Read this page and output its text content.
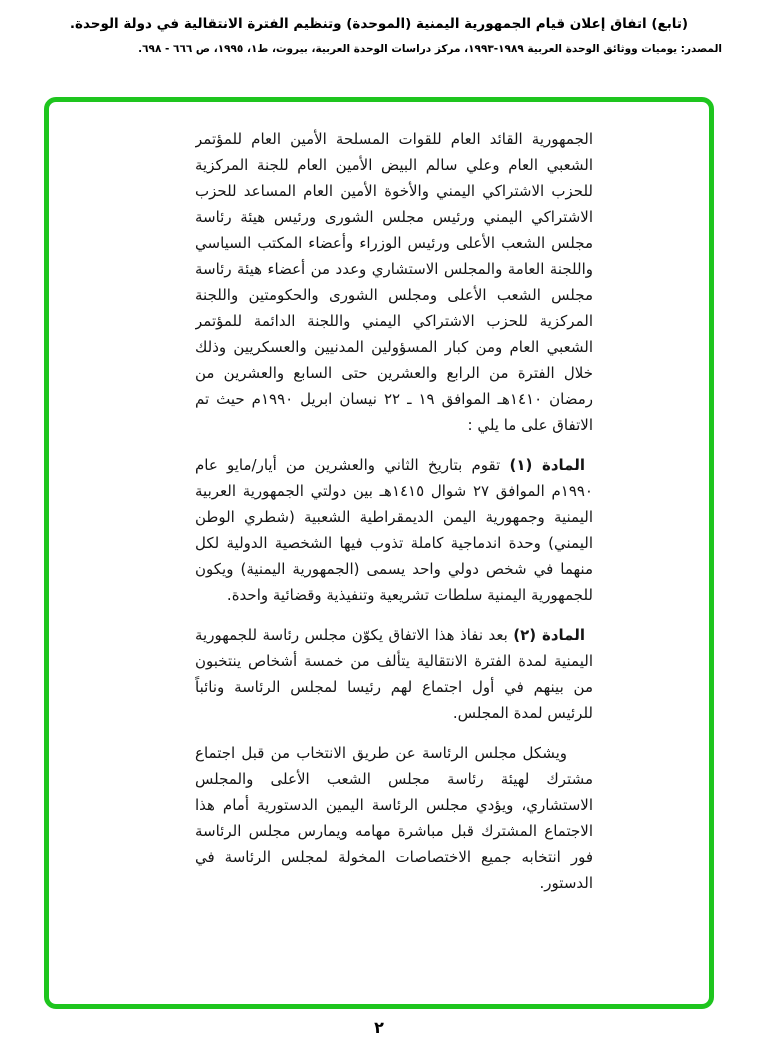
(تابع) اتفاق إعلان قيام الجمهورية اليمنية (الموحدة) وتنظيم الفترة الانتقالية في دولة الوحدة.
المصدر: يوميات ووثائق الوحدة العربية ١٩٨٩-١٩٩٣، مركز دراسات الوحدة العربية، بيروت، ط١، ١٩٩٥، ص ٦٦٦ - ٦٩٨.

الجمهورية القائد العام للقوات المسلحة الأمين العام للمؤتمر الشعبي العام وعلي سالم البيض الأمين العام للجنة المركزية للحزب الاشتراكي اليمني والأخوة الأمين العام المساعد للحزب الاشتراكي اليمني ورئيس مجلس الشورى ورئيس هيئة رئاسة مجلس الشعب الأعلى ورئيس الوزراء وأعضاء المكتب السياسي واللجنة العامة والمجلس الاستشاري وعدد من أعضاء هيئة رئاسة مجلس الشعب الأعلى ومجلس الشورى والحكومتين واللجنة المركزية للحزب الاشتراكي اليمني واللجنة الدائمة للمؤتمر الشعبي العام ومن كبار المسؤولين المدنيين والعسكريين وذلك خلال الفترة من الرابع والعشرين حتى السابع والعشرين من رمضان ١٤١٠هـ الموافق ١٩ ـ ٢٢ نيسان ابريل ١٩٩٠م حيث تم الاتفاق على ما يلي :

المادة (١) تقوم بتاريخ الثاني والعشرين من أيار/مايو عام ١٩٩٠م الموافق ٢٧ شوال ١٤١٥هـ بين دولتي الجمهورية العربية اليمنية وجمهورية اليمن الديمقراطية الشعبية (شطري الوطن اليمني) وحدة اندماجية كاملة تذوب فيها الشخصية الدولية لكل منهما في شخص دولي واحد يسمى (الجمهورية اليمنية) ويكون للجمهورية اليمنية سلطات تشريعية وتنفيذية وقضائية واحدة.

المادة (٢) بعد نفاذ هذا الاتفاق يكوّن مجلس رئاسة للجمهورية اليمنية لمدة الفترة الانتقالية يتألف من خمسة أشخاص ينتخبون من بينهم في أول اجتماع لهم رئيسا لمجلس الرئاسة ونائباً للرئيس لمدة المجلس.

ويشكل مجلس الرئاسة عن طريق الانتخاب من قبل اجتماع مشترك لهيئة رئاسة مجلس الشعب الأعلى والمجلس الاستشاري، ويؤدي مجلس الرئاسة اليمين الدستورية أمام هذا الاجتماع المشترك قبل مباشرة مهامه ويمارس مجلس الرئاسة فور انتخابه جميع الاختصاصات المخولة لمجلس الرئاسة في الدستور.

٢
